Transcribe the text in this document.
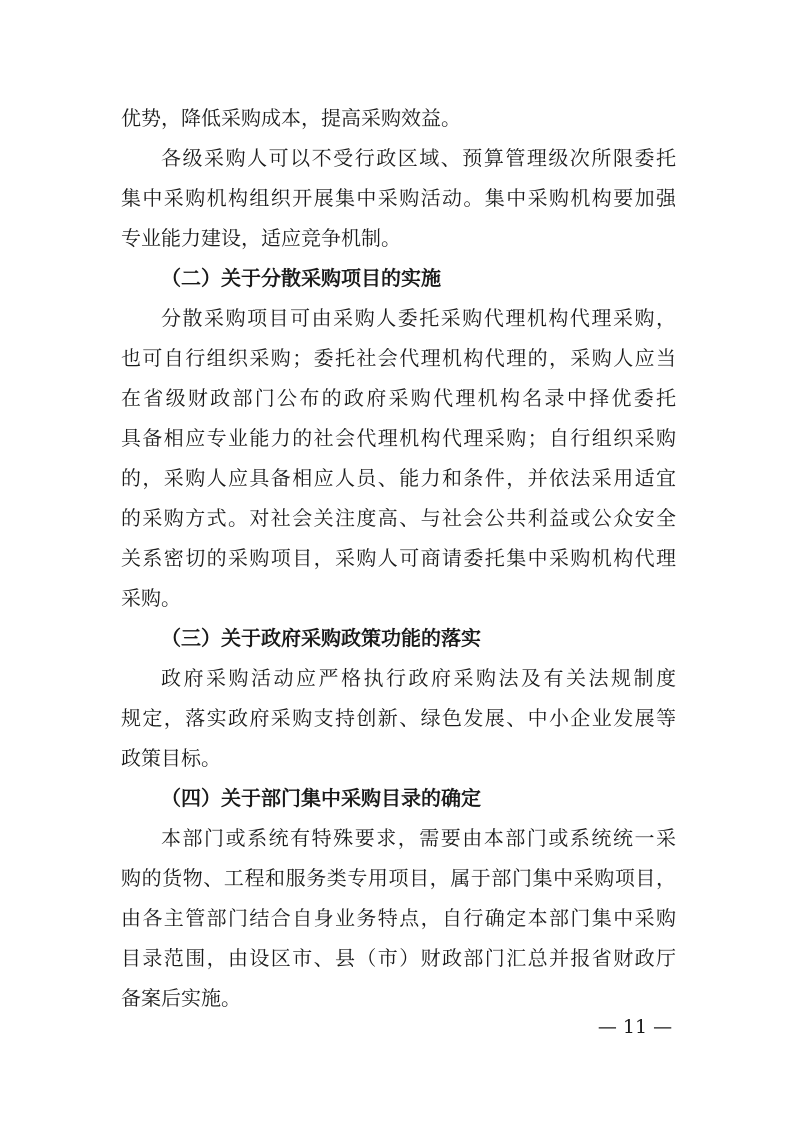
优势，降低采购成本，提高采购效益。
各级采购人可以不受行政区域、预算管理级次所限委托
集中采购机构组织开展集中采购活动。集中采购机构要加强
专业能力建设，适应竞争机制。
（二）关于分散采购项目的实施
分散采购项目可由采购人委托采购代理机构代理采购，
也可自行组织采购；委托社会代理机构代理的，采购人应当
在省级财政部门公布的政府采购代理机构名录中择优委托
具备相应专业能力的社会代理机构代理采购；自行组织采购
的，采购人应具备相应人员、能力和条件，并依法采用适宜
的采购方式。对社会关注度高、与社会公共利益或公众安全
关系密切的采购项目，采购人可商请委托集中采购机构代理
采购。
（三）关于政府采购政策功能的落实
政府采购活动应严格执行政府采购法及有关法规制度
规定，落实政府采购支持创新、绿色发展、中小企业发展等
政策目标。
（四）关于部门集中采购目录的确定
本部门或系统有特殊要求，需要由本部门或系统统一采
购的货物、工程和服务类专用项目，属于部门集中采购项目，
由各主管部门结合自身业务特点，自行确定本部门集中采购
目录范围，由设区市、县（市）财政部门汇总并报省财政厅
备案后实施。
— 11 —
